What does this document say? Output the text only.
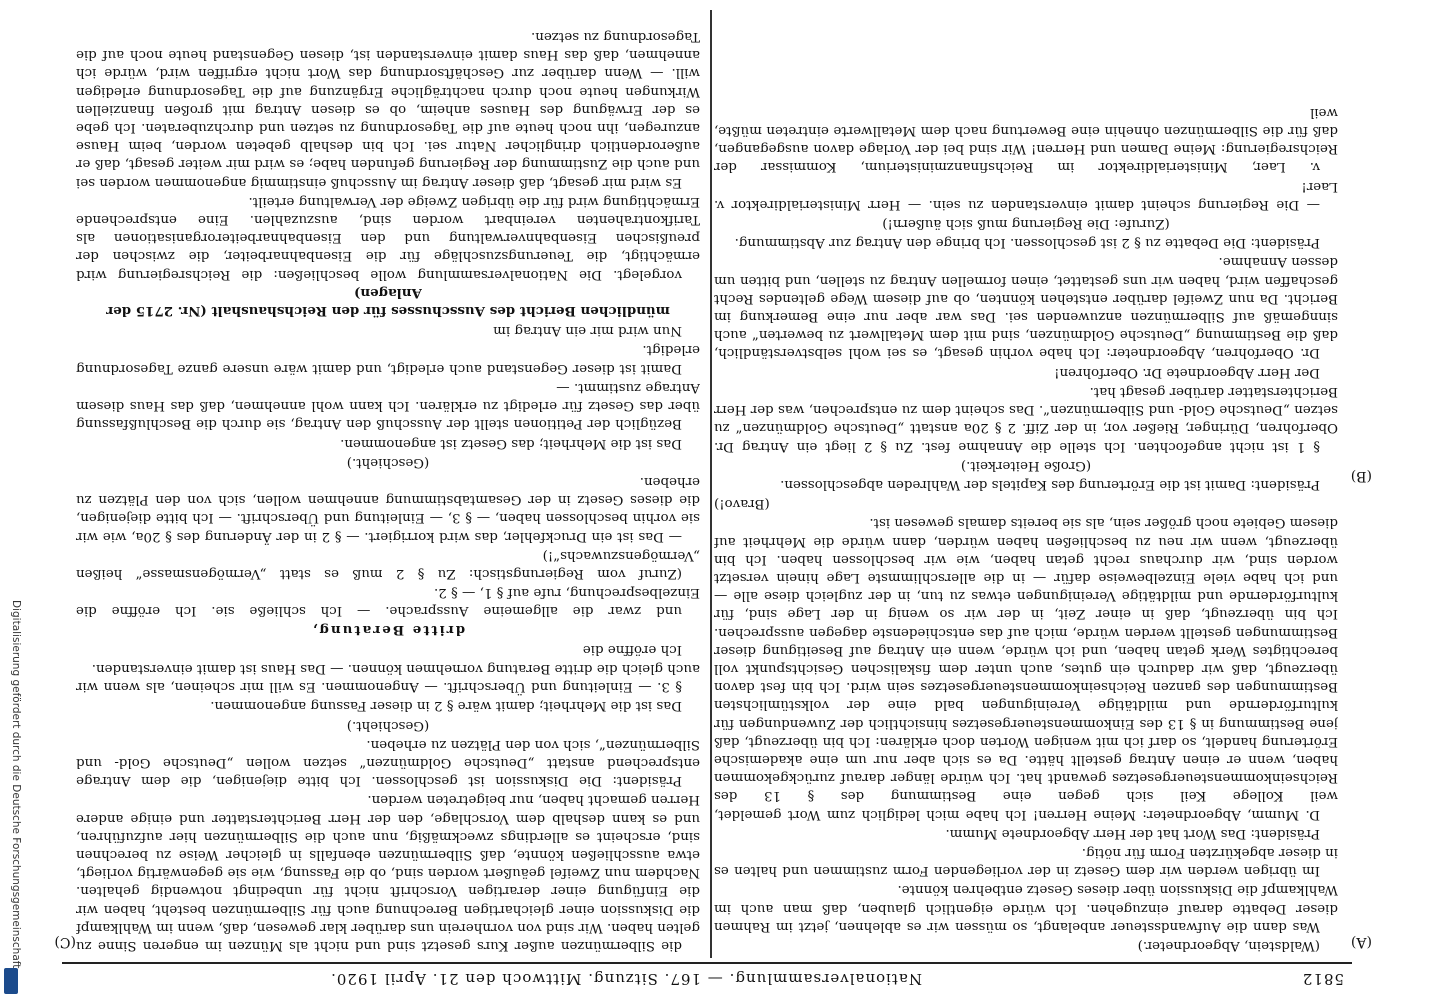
5812
Nationalversammlung. — 167. Sitzung. Mittwoch den 21. April 1920.
(A)
(B)
(C)	(Waldstein, Abgeordneter.)

Was dann die Aufwandssteuer anbelangt, so müssen wir es ablehnen, jetzt im Rahmen dieser Debatte darauf einzugehen. Ich würde eigentlich glauben, daß man auch im Wahlkampf die Diskussion über dieses Gesetz entbehren könnte.

Im übrigen werden wir dem Gesetz in der vorliegenden Form zustimmen und halten es in dieser abgekürzten Form für nötig.

Präsident: Das Wort hat der Herr Abgeordnete Mumm.

D. Mumm, Abgeordneter: Meine Herren! Ich habe mich lediglich zum Wort gemeldet, weil Kollege Keil sich gegen eine Bestimmung des § 13 des Reichseinkommensteuergesetzes gewandt hat. Ich würde länger darauf zurückgekommen haben, wenn er einen Antrag gestellt hätte. Da es sich aber nur um eine akademische Erörterung handelt, so darf ich mit wenigen Worten doch erklären: Ich bin überzeugt, daß jene Bestimmung in § 13 des Einkommensteuergesetzes hinsichtlich der Zuwendungen für kulturfördernde und mildtätige Vereinigungen bald eine der volkstümlichsten Bestimmungen des ganzen Reichseinkommensteuergesetzes sein wird. Ich bin fest davon überzeugt, daß wir dadurch ein gutes, auch unter dem fiskalischen Gesichtspunkt voll berechtigtes Werk getan haben, und ich würde, wenn ein Antrag auf Beseitigung dieser Bestimmungen gestellt werden würde, mich auf das entschiedenste dagegen aussprechen. Ich bin überzeugt, daß in einer Zeit, in der wir so wenig in der Lage sind, für kulturfördernde und mildtätige Vereinigungen etwas zu tun, in der zugleich diese alle — und ich habe viele Einzelbeweise dafür — in die allerschlimmste Lage hinein versetzt worden sind, wir durchaus recht getan haben, wie wir beschlossen haben. Ich bin überzeugt, wenn wir neu zu beschließen haben würden, dann würde die Mehrheit auf diesem Gebiete noch größer sein, als sie bereits damals gewesen ist.

(Bravo!)

Präsident: Damit ist die Erörterung des Kapitels der Wahlreden abgeschlossen.

(Große Heiterkeit.)

§ 1 ist nicht angefochten. Ich stelle die Annahme fest. Zu § 2 liegt ein Antrag Dr. Oberfohren, Düringer, Rießer vor, in der Ziff. 2 § 20a anstatt „Deutsche Goldmünzen“ zu setzen „Deutsche Gold- und Silbermünzen“. Das scheint dem zu entsprechen, was der Herr Berichterstatter darüber gesagt hat.

Der Herr Abgeordnete Dr. Oberfohren!

Dr. Oberfohren, Abgeordneter: Ich habe vorhin gesagt, es sei wohl selbstverständlich, daß die Bestimmung „Deutsche Goldmünzen, sind mit dem Metallwert zu bewerten“ auch sinngemäß auf Silbermünzen anzuwenden sei. Das war aber nur eine Bemerkung im Bericht. Da nun Zweifel darüber entstehen könnten, ob auf diesem Wege geltendes Recht geschaffen wird, haben wir uns gestattet, einen formellen Antrag zu stellen, und bitten um dessen Annahme.

Präsident: Die Debatte zu § 2 ist geschlossen. Ich bringe den Antrag zur Abstimmung.

(Zurufe: Die Regierung muß sich äußern!)

— Die Regierung scheint damit einverstanden zu sein. — Herr Ministerialdirektor v. Laer!

v. Laer, Ministerialdirektor im Reichsfinanzministerium, Kommissar der Reichsregierung: Meine Damen und Herren! Wir sind bei der Vorlage davon ausgegangen, daß für die Silbermünzen ohnehin eine Bewertung nach dem Metallwerte eintreten müßte, weil

die Silbermünzen außer Kurs gesetzt sind und nicht als Münzen im engeren Sinne zu gelten haben. Wir sind von vornherein uns darüber klar gewesen, daß, wenn im Wahlkampf die Diskussion einer gleichartigen Berechnung auch für Silbermünzen besteht, haben wir die Einfügung einer derartigen Vorschrift nicht für unbedingt notwendig gehalten. Nachdem nun Zweifel geäußert worden sind, ob die Fassung, wie sie gegenwärtig vorliegt, etwa ausschließen könnte, daß Silbermünzen ebenfalls in gleicher Weise zu berechnen sind, erscheint es allerdings zweckmäßig, nun auch die Silbermünzen hier aufzuführen, und es kann deshalb dem Vorschlage, den der Herr Berichterstatter und einige andere Herren gemacht haben, nur beigetreten werden.

Präsident: Die Diskussion ist geschlossen. Ich bitte diejenigen, die dem Antrage entsprechend anstatt „Deutsche Goldmünzen“ setzen wollen „Deutsche Gold- und Silbermünzen“, sich von den Plätzen zu erheben.

(Geschieht.)

Das ist die Mehrheit; damit wäre § 2 in dieser Fassung angenommen.

§ 3. — Einleitung und Überschrift. — Angenommen. Es will mir scheinen, als wenn wir auch gleich die dritte Beratung vornehmen können. — Das Haus ist damit einverstanden.

Ich eröffne die

dritte Beratung,

und zwar die allgemeine Aussprache. — Ich schließe sie. Ich eröffne die Einzelbesprechung, rufe auf § 1, — § 2.

(Zuruf vom Regierungstisch: Zu § 2 muß es statt „Vermögensmasse“ heißen „Vermögenszuwachs“!)

— Das ist ein Druckfehler, das wird korrigiert. — § 2 in der Änderung des § 20a, wie wir sie vorhin beschlossen haben, — § 3, — Einleitung und Überschrift. — Ich bitte diejenigen, die dieses Gesetz in der Gesamtabstimmung annehmen wollen, sich von den Plätzen zu erheben.

(Geschieht.)

Das ist die Mehrheit; das Gesetz ist angenommen.

Bezüglich der Petitionen stellt der Ausschuß den Antrag, sie durch die Beschlußfassung über das Gesetz für erledigt zu erklären. Ich kann wohl annehmen, daß das Haus diesem Antrage zustimmt. —

Damit ist dieser Gegenstand auch erledigt, und damit wäre unsere ganze Tagesordnung erledigt.

Nun wird mir ein Antrag im

mündlichen Bericht des Ausschusses für den Reichshaushalt (Nr. 2715 der Anlagen)

vorgelegt. Die Nationalversammlung wolle beschließen: die Reichsregierung wird ermächtigt, die Teuerungszuschläge für die Eisenbahnarbeiter, die zwischen der preußischen Eisenbahnverwaltung und den Eisenbahnarbeiterorganisationen als Tarifkontrahenten vereinbart worden sind, auszuzahlen. Eine entsprechende Ermächtigung wird für die übrigen Zweige der Verwaltung erteilt.

Es wird mir gesagt, daß dieser Antrag im Ausschuß einstimmig angenommen worden sei und auch die Zustimmung der Regierung gefunden habe; es wird mir weiter gesagt, daß er außerordentlich dringlicher Natur sei. Ich bin deshalb gebeten worden, beim Hause anzuregen, ihn noch heute auf die Tagesordnung zu setzen und durchzuberaten. Ich gebe es der Erwägung des Hauses anheim, ob es diesen Antrag mit großen finanziellen Wirkungen heute noch durch nachträgliche Ergänzung auf die Tagesordnung erledigen will. — Wenn darüber zur Geschäftsordnung das Wort nicht ergriffen wird, würde ich annehmen, daß das Haus damit einverstanden ist, diesen Gegenstand heute noch auf die Tagesordnung zu setzen.

Digitalisierung gefördert durch die Deutsche Forschungsgemeinschaft
